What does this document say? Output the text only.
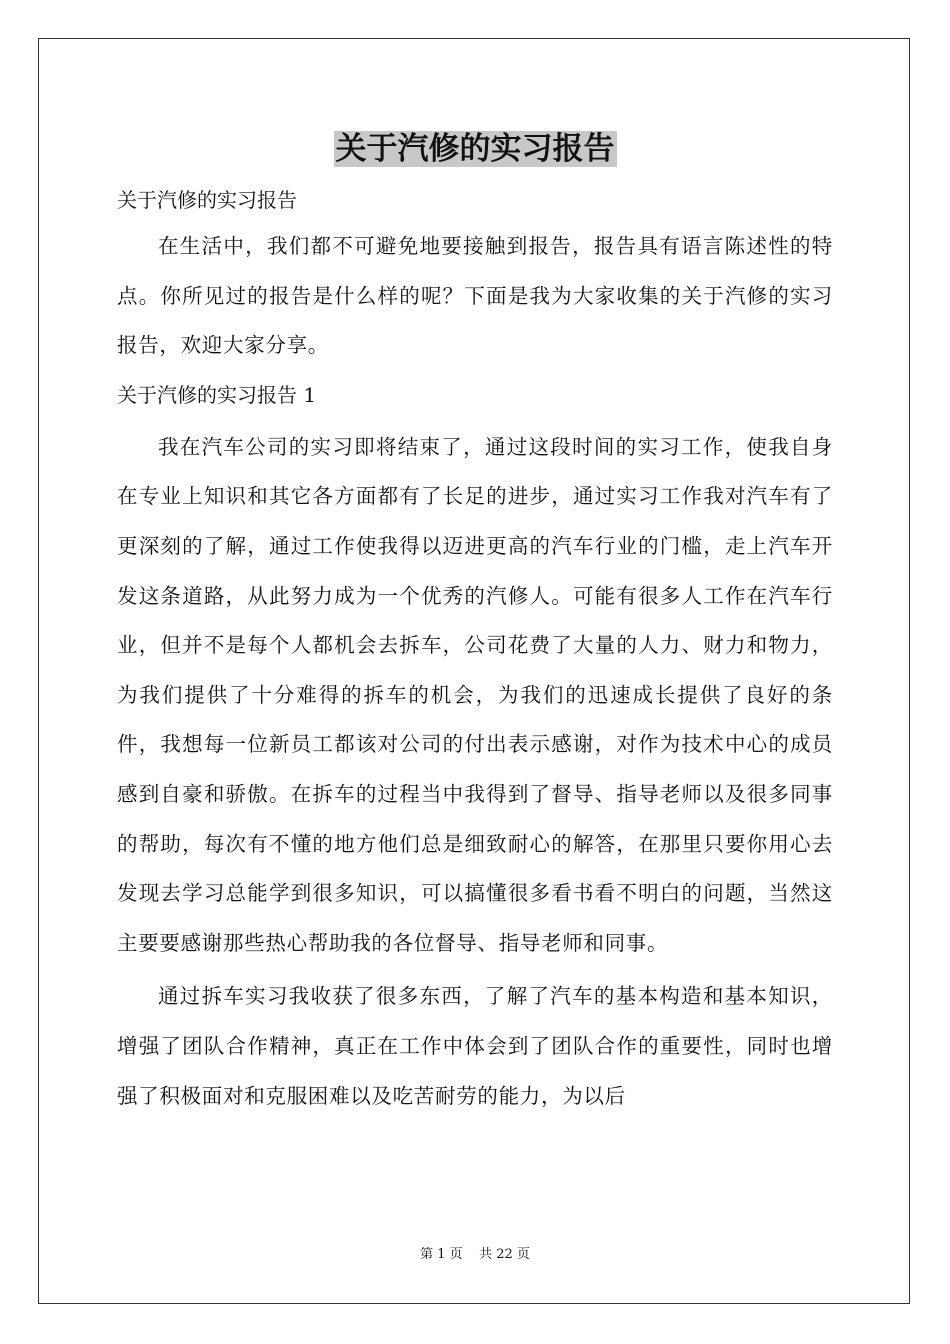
关于汽修的实习报告

关于汽修的实习报告

在生活中，我们都不可避免地要接触到报告，报告具有语言陈述性的特点。你所见过的报告是什么样的呢？下面是我为大家收集的关于汽修的实习报告，欢迎大家分享。

关于汽修的实习报告 1

我在汽车公司的实习即将结束了，通过这段时间的实习工作，使我自身在专业上知识和其它各方面都有了长足的进步，通过实习工作我对汽车有了更深刻的了解，通过工作使我得以迈进更高的汽车行业的门槛，走上汽车开发这条道路，从此努力成为一个优秀的汽修人。可能有很多人工作在汽车行业，但并不是每个人都机会去拆车，公司花费了大量的人力、财力和物力，为我们提供了十分难得的拆车的机会，为我们的迅速成长提供了良好的条件，我想每一位新员工都该对公司的付出表示感谢，对作为技术中心的成员感到自豪和骄傲。在拆车的过程当中我得到了督导、指导老师以及很多同事的帮助，每次有不懂的地方他们总是细致耐心的解答，在那里只要你用心去发现去学习总能学到很多知识，可以搞懂很多看书看不明白的问题，当然这主要要感谢那些热心帮助我的各位督导、指导老师和同事。

通过拆车实习我收获了很多东西，了解了汽车的基本构造和基本知识，增强了团队合作精神，真正在工作中体会到了团队合作的重要性，同时也增强了积极面对和克服困难以及吃苦耐劳的能力，为以后

第 1 页    共 22 页
